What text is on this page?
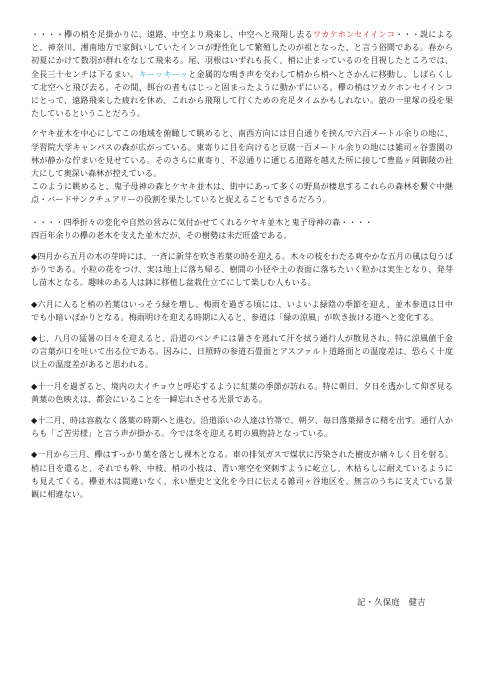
・・・・欅の梢を足掛かりに、遠路、中空より飛来し、中空へと飛翔し去るワカケホンセイインコ・・・説によると、神奈川、湘南地方で家飼いしていたインコが野性化して繁殖したのが祖となった、と言う俗聞である。春から初夏にかけて数羽が群れをなして飛来る。尾、羽根はいずれも長く、梢に止まっているのを目視したところでは、全長三十センチは下るまい。キーッキーッと金属的な鳴き声を交わして梢から梢へとさかんに移動し、しばらくして北空へと飛び去る。その間、餌台の者もはじっと固まったように動かずにいる。欅の梢はワカケホンセイインコにとって、遠路飛来した疲れを休め、これから飛翔して行くための充足タイムかもしれない。旅の一里塚の役を果たしているということだろう。

ケヤキ並木を中心にしてこの地域を俯瞰して眺めると、南西方向には目白通りを挟んで六百メートル余りの地に、学習院大学キャンパスの森が広がっている。東寄りに目を向けると豆腐一百メートル余りの地には雑司ヶ谷霊園の林が静かな佇まいを見せている。そのさらに東寄り、不忍通りに通じる道路を越えた所に接して豊島ヶ岡御陵の社大にして奥深い森林が控えている。

このように眺めると、鬼子母神の森とケヤキ並木は、街中にあって多くの野鳥が棲息するこれらの森林を繋ぐ中継点・バードサンクチュアリーの役割を果たしていると捉えることもできるだろう。

・・・・四季折々の変化や自然の営みに気付かせてくれるケヤキ並木と鬼子母神の森・・・・

四百年余りの欅の老木を支えた並木だが、その樹勢は未だ旺盛である。

◆四月から五月の木の芽時には、一斉に新芽を吹き若葉の時を迎える。木々の枝をわたる爽やかな五月の風は匂うばかりである。小粒の花をつけ、実は地上に落ち帰る、樹間の小径や土の表面に落ちたいく粒かは実生となり、発芽し苗木となる。趣味のある人は鉢に移植し盆栽仕立てにして楽しむ人もいる。

◆六月に入ると梢の若葉はいっそう緑を増し、梅雨を過ぎる頃には、いよいよ緑陰の季節を迎え、並木参道は日中でも小暗いばかりとなる。梅雨明けを迎える時期に入ると、参道は「緑の涼風」が吹き抜ける道へと変化する。

◆七、八月の猛暑の日々を迎えると、沿道のベンチには暑さを逃れて汗を拭う通行人が散見され、特に涼風値千金の言葉が口を吐いて出る位である。因みに、日照時の参道石畳面とアスファルト道路面との温度差は、恐らく十度以上の温度差があると思われる。

◆十一月を過ぎると、境内の大イチョウと呼応するように紅葉の季節が訪れる。特に朝日、夕日を透かして仰ぎ見る黄葉の色映えは、都会にいることを一瞬忘れさせる光景である。

◆十二月、時は容赦なく落葉の時期へと進む。沿道添いの人達は竹箒で、朝夕、毎日落葉掃きに精を出す。通行人からも「ご苦労様」と言う声が掛かる。今では冬を迎える町の風物詩となっている。

◆一月から三月、欅はすっかり葉を落とし裸木となる。車の排気ガスで煤状に汚染された樹皮が痛々しく目を射る。梢に目を遣ると、それでも幹、中枝、梢の小枝は、青い寒空を突刺すように屹立し、木枯らしに耐えているようにも見えてくる。欅並木は間違いなく、永い歴史と文化を今日に伝える雑司ヶ谷地区を、無言のうちに支えている景観に相違ない。

記・久保庭　健吉
